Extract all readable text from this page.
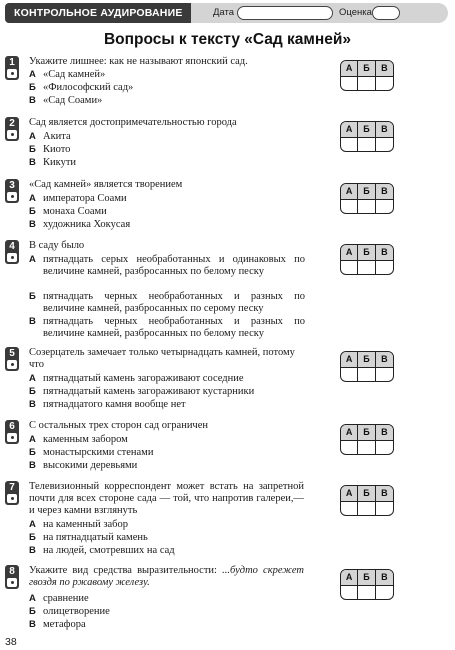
КОНТРОЛЬНОЕ АУДИРОВАНИЕ	Дата	Оценка
Вопросы к тексту «Сад камней»
1	Укажите лишнее: как не называют японский сад.
А «Сад камней»
Б «Философский сад»
В «Сад Соами»
А	Б	В
2	Сад является достопримечательностью города
А Акита
Б Киото
В Кикути
А	Б	В
3	«Сад камней» является творением
А императора Соами
Б монаха Соами
В художника Хокусая
А	Б	В
4	В саду было
А пятнадцать серых необработанных и одинаковых по величине камней, разбросанных по белому песку
Б пятнадцать черных необработанных и разных по величине камней, разбросанных по серому песку
В пятнадцать черных необработанных и разных по величине камней, разбросанных по белому песку
А	Б	В
5	Созерцатель замечает только четырнадцать камней, потому что
А пятнадцатый камень загораживают соседние
Б пятнадцатый камень загораживают кустарники
В пятнадцатого камня вообще нет
А	Б	В
6	С остальных трех сторон сад ограничен
А каменным забором
Б монастырскими стенами
В высокими деревьями
А	Б	В
7	Телевизионный корреспондент может встать на запретной почти для всех стороне сада — той, что напротив галереи,— и через камни взглянуть
А на каменный забор
Б на пятнадцатый камень
В на людей, смотревших на сад
А	Б	В
8	Укажите вид средства выразительности: ...будто скрежет гвоздя по ржавому железу.
А сравнение
Б олицетворение
В метафора
А	Б	В
38
